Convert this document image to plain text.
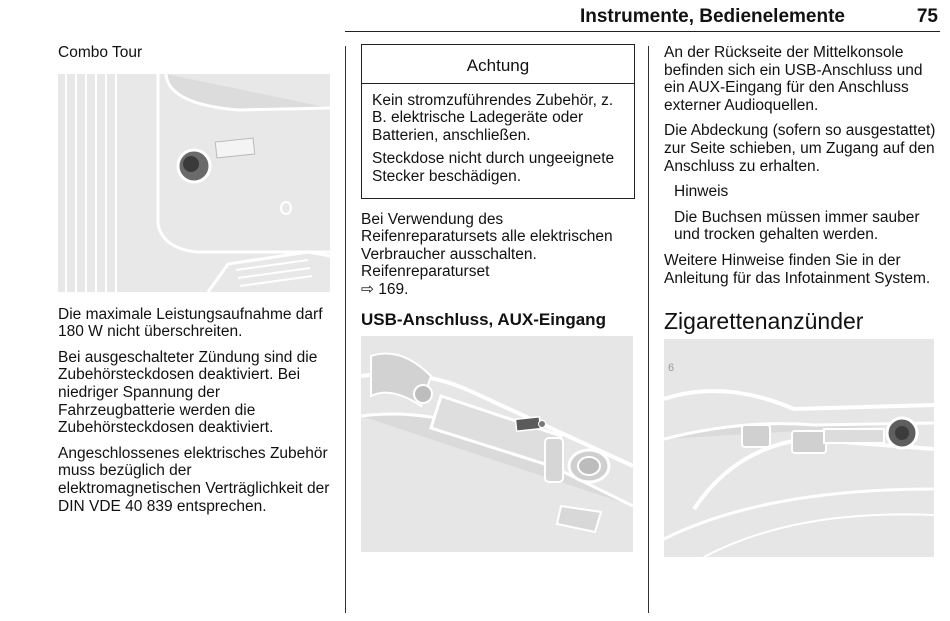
Instrumente, Bedienelemente	75
Combo Tour

Die maximale Leistungsaufnahme darf 180 W nicht überschreiten.

Bei ausgeschalteter Zündung sind die Zubehörsteckdosen deaktiviert. Bei niedriger Spannung der Fahrzeugbatterie werden die Zubehörsteckdosen deaktiviert.

Angeschlossenes elektrisches Zubehör muss bezüglich der elektromagnetischen Verträglichkeit der DIN VDE 40 839 entsprechen.

Achtung

Kein stromzuführendes Zubehör, z. B. elektrische Ladegeräte oder Batterien, anschließen.

Steckdose nicht durch ungeeignete Stecker beschädigen.

Bei Verwendung des Reifenreparatursets alle elektrischen Verbraucher ausschalten. Reifenreparaturset
⇨ 169.

USB-Anschluss, AUX-Eingang

An der Rückseite der Mittelkonsole befinden sich ein USB-Anschluss und ein AUX-Eingang für den Anschluss externer Audioquellen.

Die Abdeckung (sofern so ausgestattet) zur Seite schieben, um Zugang auf den Anschluss zu erhalten.

Hinweis

Die Buchsen müssen immer sauber und trocken gehalten werden.

Weitere Hinweise finden Sie in der Anleitung für das Infotainment System.

Zigarettenanzünder
6
